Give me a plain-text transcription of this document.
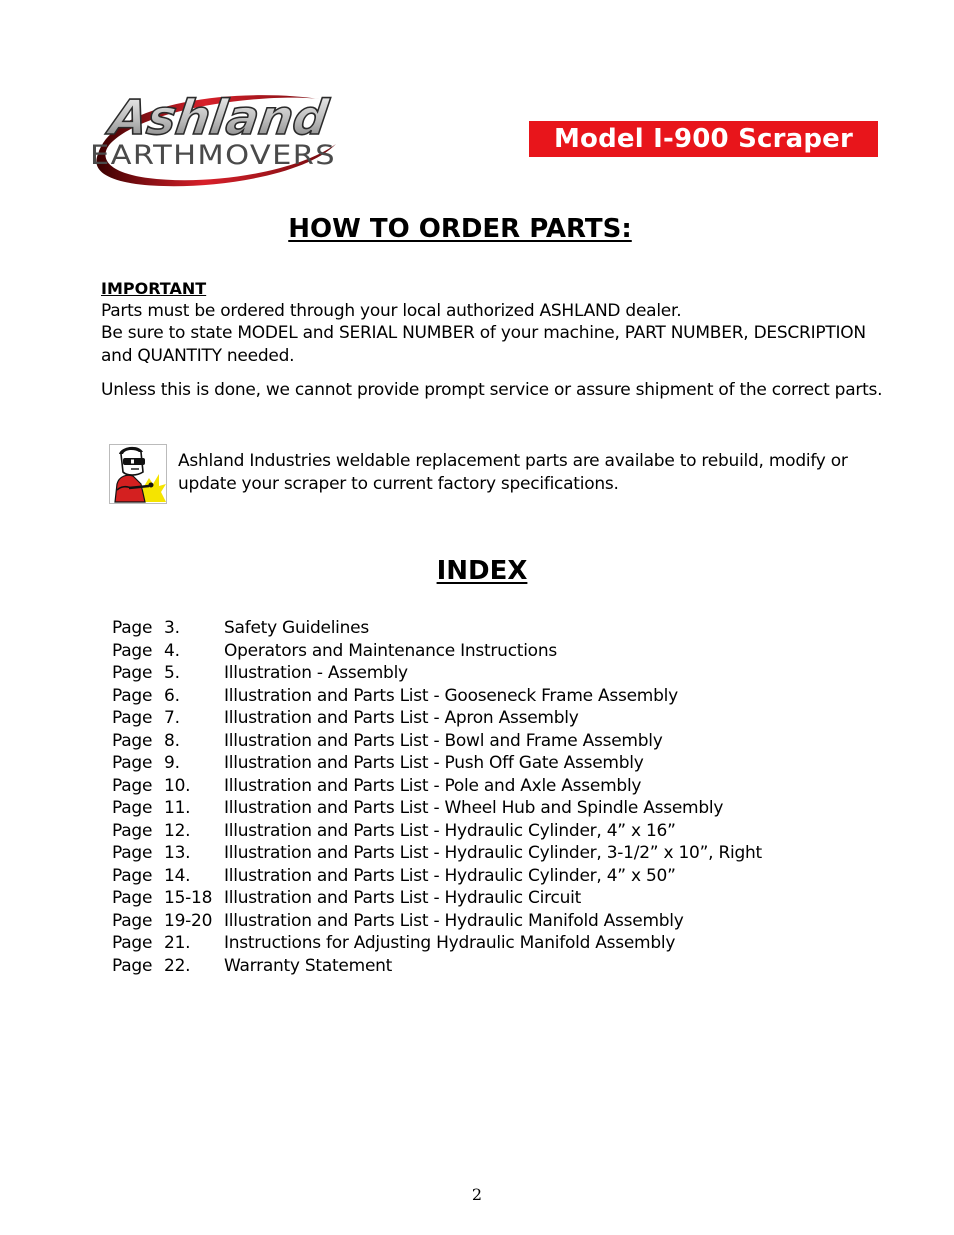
Ashland
EARTHMOVERS
Model I-900 Scraper
HOW TO ORDER PARTS:
IMPORTANT
Parts must be ordered through your local authorized ASHLAND dealer.
Be sure to state MODEL and SERIAL NUMBER of your machine, PART NUMBER, DESCRIPTION and QUANTITY needed.
Unless this is done, we cannot provide prompt service or assure shipment of the correct parts.
Ashland Industries weldable replacement parts are availabe to rebuild, modify or update your scraper to current factory specifications.
INDEX
Page 3.	Safety Guidelines
Page 4.	Operators and Maintenance Instructions
Page 5.	Illustration - Assembly
Page 6.	Illustration and Parts List - Gooseneck Frame Assembly
Page 7.	Illustration and Parts List - Apron Assembly
Page 8.	Illustration and Parts List - Bowl and Frame Assembly
Page 9.	Illustration and Parts List - Push Off Gate Assembly
Page 10. Illustration and Parts List - Pole and Axle Assembly
Page 11. Illustration and Parts List - Wheel Hub and Spindle Assembly
Page 12. Illustration and Parts List - Hydraulic Cylinder, 4” x 16”
Page 13. Illustration and Parts List - Hydraulic Cylinder, 3-1/2” x 10”, Right
Page 14. Illustration and Parts List - Hydraulic Cylinder, 4” x 50”
Page 15-18 Illustration and Parts List - Hydraulic Circuit
Page 19-20 Illustration and Parts List - Hydraulic Manifold Assembly
Page 21. Instructions for Adjusting Hydraulic Manifold Assembly
Page 22. Warranty Statement
2
